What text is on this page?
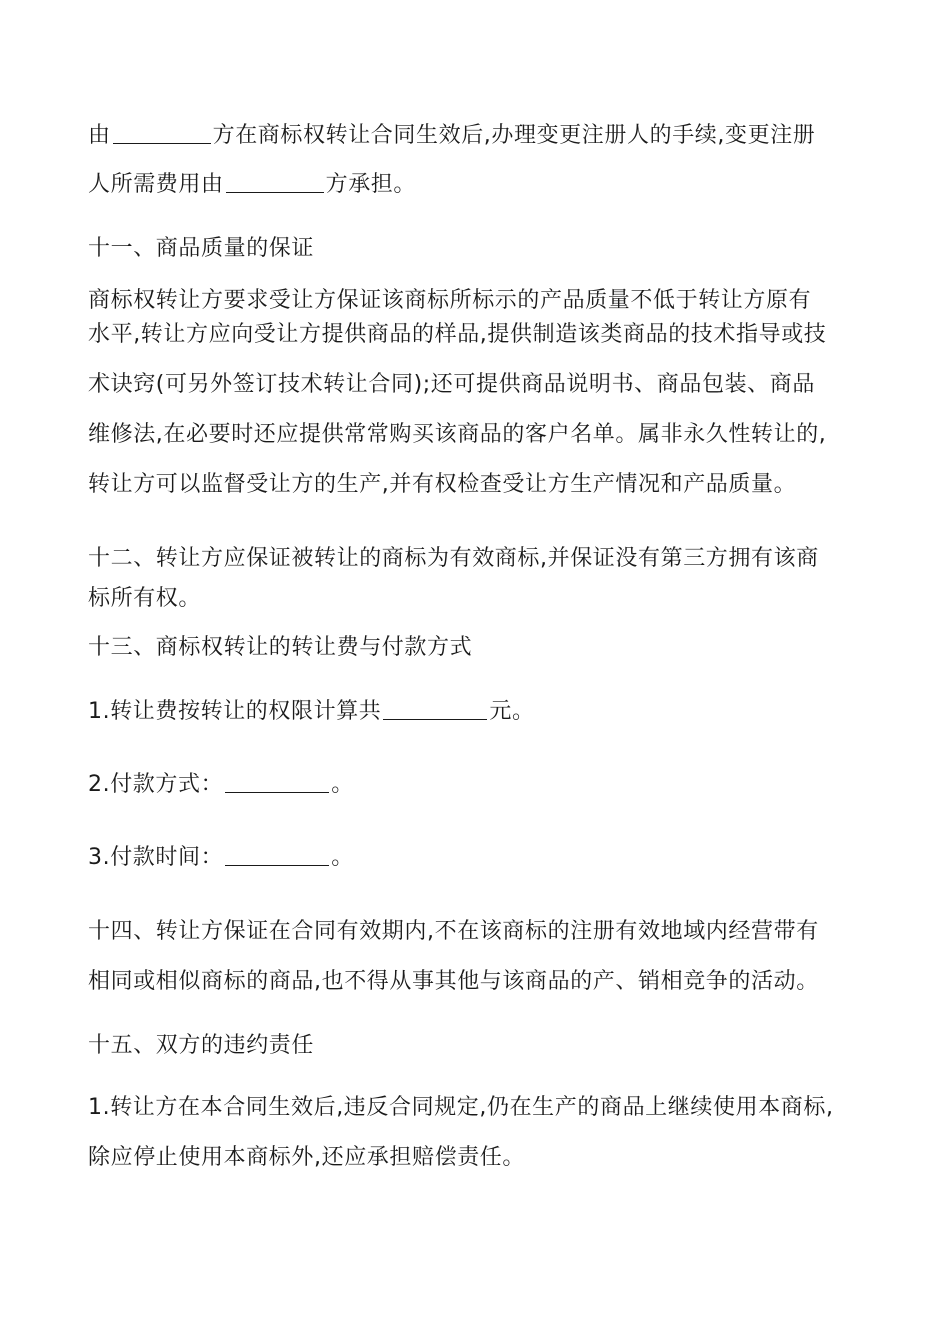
由	方在商标权转让合同生效后,办理变更注册人的手续,变更注册
人所需费用由	方承担。
十一、商品质量的保证
商标权转让方要求受让方保证该商标所标示的产品质量不低于转让方原有
水平,转让方应向受让方提供商品的样品,提供制造该类商品的技术指导或技
术诀窍(可另外签订技术转让合同);还可提供商品说明书、商品包装、商品
维修法,在必要时还应提供常常购买该商品的客户名单。属非永久性转让的,
转让方可以监督受让方的生产,并有权检查受让方生产情况和产品质量。
十二、转让方应保证被转让的商标为有效商标,并保证没有第三方拥有该商
标所有权。
十三、商标权转让的转让费与付款方式
1.转让费按转让的权限计算共	元。
2.付款方式：	。
3.付款时间：	。
十四、转让方保证在合同有效期内,不在该商标的注册有效地域内经营带有
相同或相似商标的商品,也不得从事其他与该商品的产、销相竞争的活动。
十五、双方的违约责任
1.转让方在本合同生效后,违反合同规定,仍在生产的商品上继续使用本商标,
除应停止使用本商标外,还应承担赔偿责任。
